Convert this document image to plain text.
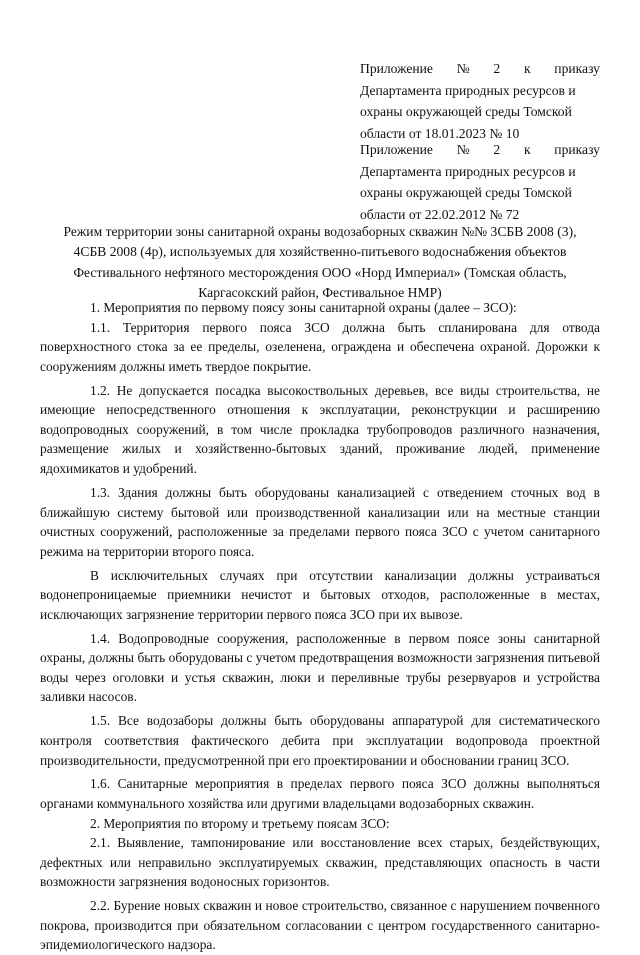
Приложение № 2 к приказу
Департамента природных ресурсов и
охраны окружающей среды Томской
области от 18.01.2023 № 10
Приложение № 2 к приказу
Департамента природных ресурсов и
охраны окружающей среды Томской
области от 22.02.2012 № 72
Режим территории зоны санитарной охраны водозаборных скважин №№ 3СБВ 2008 (3),
4СБВ 2008 (4р), используемых для хозяйственно-питьевого водоснабжения объектов
Фестивального нефтяного месторождения ООО «Норд Империал» (Томская область,
Каргасокский район, Фестивальное НМР)

1. Мероприятия по первому поясу зоны санитарной охраны (далее – ЗСО):

1.1. Территория первого пояса ЗСО должна быть спланирована для отвода поверхностного стока за ее пределы, озеленена, ограждена и обеспечена охраной. Дорожки к сооружениям должны иметь твердое покрытие.

1.2. Не допускается посадка высокоствольных деревьев, все виды строительства, не имеющие непосредственного отношения к эксплуатации, реконструкции и расширению водопроводных сооружений, в том числе прокладка трубопроводов различного назначения, размещение жилых и хозяйственно-бытовых зданий, проживание людей, применение ядохимикатов и удобрений.

1.3. Здания должны быть оборудованы канализацией с отведением сточных вод в ближайшую систему бытовой или производственной канализации или на местные станции очистных сооружений, расположенные за пределами первого пояса ЗСО с учетом санитарного режима на территории второго пояса.

В исключительных случаях при отсутствии канализации должны устраиваться водонепроницаемые приемники нечистот и бытовых отходов, расположенные в местах, исключающих загрязнение территории первого пояса ЗСО при их вывозе.

1.4. Водопроводные сооружения, расположенные в первом поясе зоны санитарной охраны, должны быть оборудованы с учетом предотвращения возможности загрязнения питьевой воды через оголовки и устья скважин, люки и переливные трубы резервуаров и устройства заливки насосов.

1.5. Все водозаборы должны быть оборудованы аппаратурой для систематического контроля соответствия фактического дебита при эксплуатации водопровода проектной производительности, предусмотренной при его проектировании и обосновании границ ЗСО.

1.6. Санитарные мероприятия в пределах первого пояса ЗСО должны выполняться органами коммунального хозяйства или другими владельцами водозаборных скважин.

2. Мероприятия по второму и третьему поясам ЗСО:

2.1. Выявление, тампонирование или восстановление всех старых, бездействующих, дефектных или неправильно эксплуатируемых скважин, представляющих опасность в части возможности загрязнения водоносных горизонтов.

2.2. Бурение новых скважин и новое строительство, связанное с нарушением почвенного покрова, производится при обязательном согласовании с центром государственного санитарно-эпидемиологического надзора.
